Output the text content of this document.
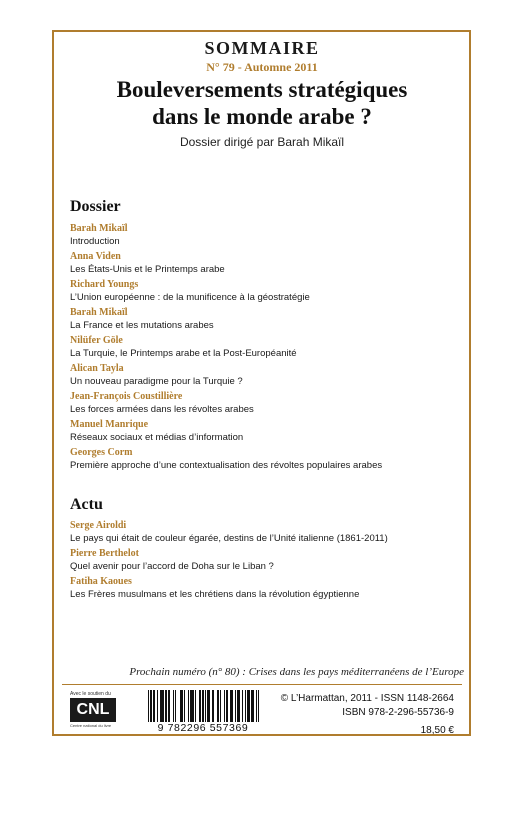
SOMMAIRE
N° 79 - Automne 2011
Bouleversements stratégiques
dans le monde arabe ?
Dossier dirigé par Barah Mikaïl
Dossier
Barah Mikaïl
Introduction
Anna Viden
Les États-Unis et le Printemps arabe
Richard Youngs
L’Union européenne : de la munificence à la géostratégie
Barah Mikaïl
La France et les mutations arabes
Nilüfer Göle
La Turquie, le Printemps arabe et la Post-Européanité
Alican Tayla
Un nouveau paradigme pour la Turquie ?
Jean-François Coustillière
Les forces armées dans les révoltes arabes
Manuel Manrique
Réseaux sociaux et médias d’information
Georges Corm
Première approche d’une contextualisation des révoltes populaires arabes
Actu
Serge Airoldi
Le pays qui était de couleur égarée, destins de l’Unité italienne (1861-2011)
Pierre Berthelot
Quel avenir pour l’accord de Doha sur le Liban ?
Fatiha Kaoues
Les Frères musulmans et les chrétiens dans la révolution égyptienne
Prochain numéro (n° 80) : Crises dans les pays méditerranéens de l’Europe
Avec le soutien du
CNL
Centre national du livre	9 782296 557369
© L’Harmattan, 2011 - ISSN 1148-2664
ISBN 978-2-296-55736-9
18,50 €
